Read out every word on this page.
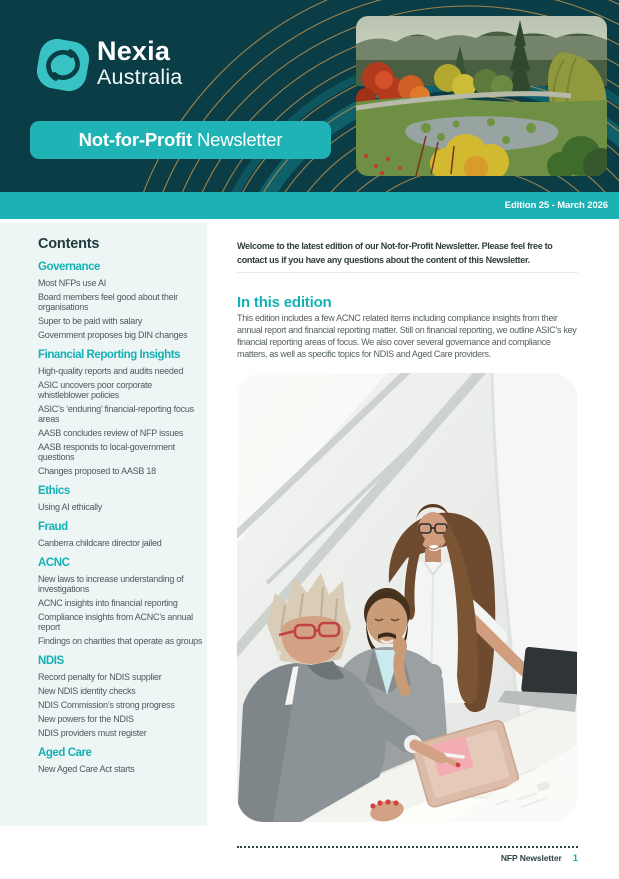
Nexia
Australia
Not-for-Profit Newsletter
Edition 25 - March 2026
Contents
Governance
Most NFPs use AI
Board members feel good about their organisations
Super to be paid with salary
Government proposes big DIN changes
Financial Reporting Insights
High-quality reports and audits needed
ASIC uncovers poor corporate whistleblower policies
ASIC’s ‘enduring’ financial-reporting focus areas
AASB concludes review of NFP issues
AASB responds to local-government questions
Changes proposed to AASB 18
Ethics
Using AI ethically
Fraud
Canberra childcare director jailed
ACNC
New laws to increase understanding of investigations
ACNC insights into financial reporting
Compliance insights from ACNC’s annual report
Findings on charities that operate as groups
NDIS
Record penalty for NDIS supplier
New NDIS identity checks
NDIS Commission’s strong progress
New powers for the NDIS
NDIS providers must register
Aged Care
New Aged Care Act starts

Welcome to the latest edition of our Not-for-Profit Newsletter. Please feel free to contact us if you have any questions about the content of this Newsletter.

In this edition

This edition includes a few ACNC related items including compliance insights from their annual report and financial reporting matter. Still on financial reporting, we outline ASIC’s key financial reporting areas of focus. We also cover several governance and compliance matters, as well as specific topics for NDIS and Aged Care providers.

NFP Newsletter 1
